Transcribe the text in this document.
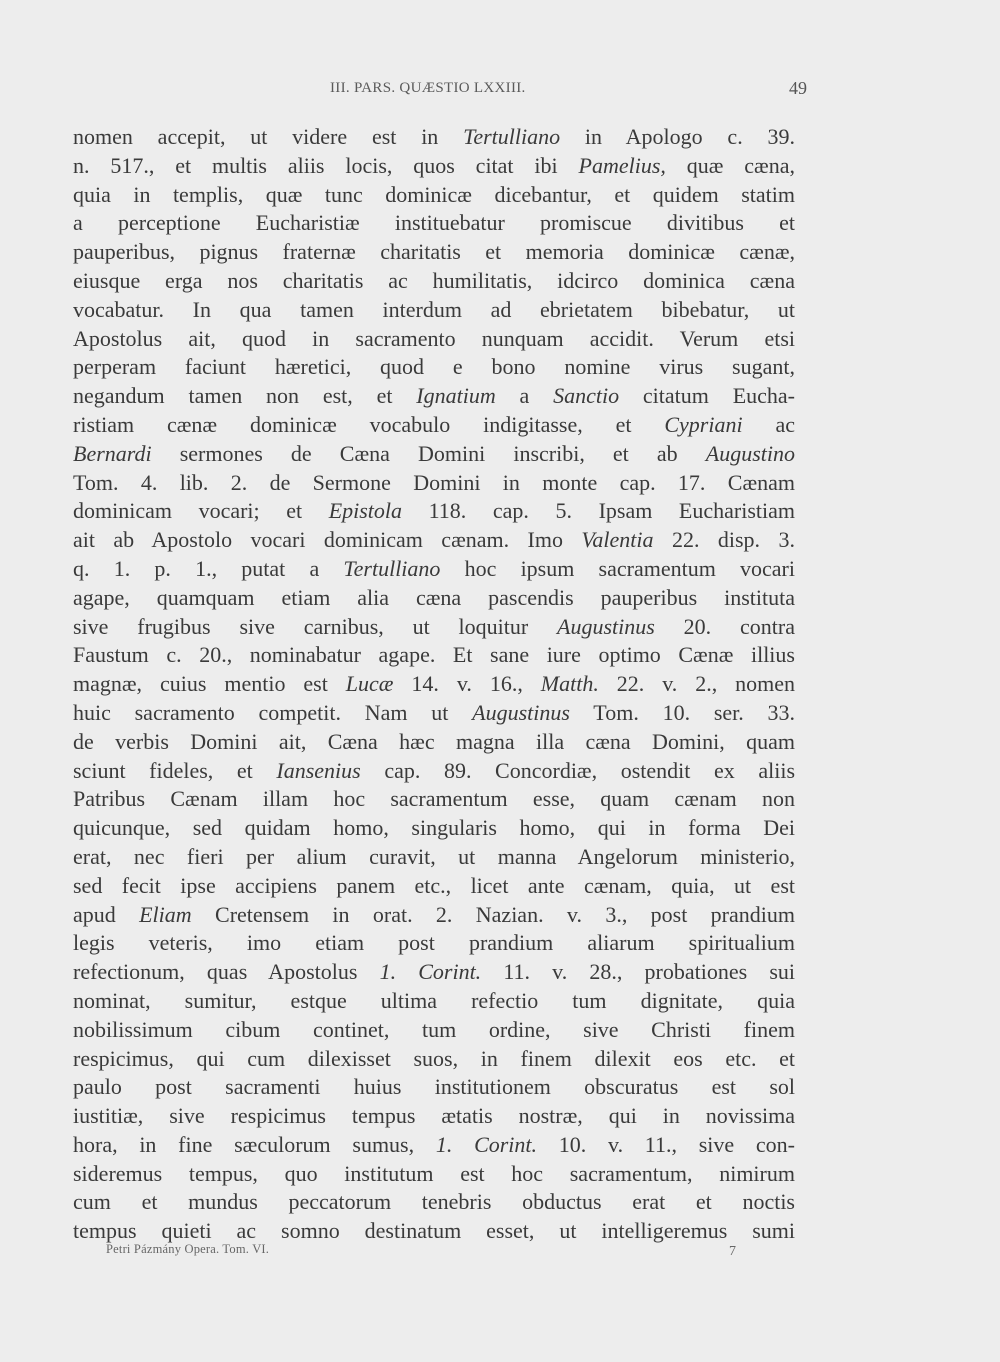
III. PARS. QUÆSTIO LXXIII.	49
nomen accepit, ut videre est in Tertulliano in Apologo c. 39.
n. 517., et multis aliis locis, quos citat ibi Pamelius, quæ cæna,
quia in templis, quæ tunc dominicæ dicebantur, et quidem statim
a perceptione Eucharistiæ instituebatur promiscue divitibus et
pauperibus, pignus fraternæ charitatis et memoria dominicæ cænæ,
eiusque erga nos charitatis ac humilitatis, idcirco dominica cæna
vocabatur. In qua tamen interdum ad ebrietatem bibebatur, ut
Apostolus ait, quod in sacramento nunquam accidit. Verum etsi
perperam faciunt hæretici, quod e bono nomine virus sugant,
negandum tamen non est, et Ignatium a Sanctio citatum Eucha-
ristiam cænæ dominicæ vocabulo indigitasse, et Cypriani ac
Bernardi sermones de Cæna Domini inscribi, et ab Augustino
Tom. 4. lib. 2. de Sermone Domini in monte cap. 17. Cænam
dominicam vocari; et Epistola 118. cap. 5. Ipsam Eucharistiam
ait ab Apostolo vocari dominicam cænam. Imo Valentia 22. disp. 3.
q. 1. p. 1., putat a Tertulliano hoc ipsum sacramentum vocari
agape, quamquam etiam alia cæna pascendis pauperibus instituta
sive frugibus sive carnibus, ut loquitur Augustinus 20. contra
Faustum c. 20., nominabatur agape. Et sane iure optimo Cænæ illius
magnæ, cuius mentio est Lucæ 14. v. 16., Matth. 22. v. 2., nomen
huic sacramento competit. Nam ut Augustinus Tom. 10. ser. 33.
de verbis Domini ait, Cæna hæc magna illa cæna Domini, quam
sciunt fideles, et Iansenius cap. 89. Concordiæ, ostendit ex aliis
Patribus Cænam illam hoc sacramentum esse, quam cænam non
quicunque, sed quidam homo, singularis homo, qui in forma Dei
erat, nec fieri per alium curavit, ut manna Angelorum ministerio,
sed fecit ipse accipiens panem etc., licet ante cænam, quia, ut est
apud Eliam Cretensem in orat. 2. Nazian. v. 3., post prandium
legis veteris, imo etiam post prandium aliarum spiritualium
refectionum, quas Apostolus 1. Corint. 11. v. 28., probationes sui
nominat, sumitur, estque ultima refectio tum dignitate, quia
nobilissimum cibum continet, tum ordine, sive Christi finem
respicimus, qui cum dilexisset suos, in finem dilexit eos etc. et
paulo post sacramenti huius institutionem obscuratus est sol
iustitiæ, sive respicimus tempus ætatis nostræ, qui in novissima
hora, in fine sæculorum sumus, 1. Corint. 10. v. 11., sive con-
sideremus tempus, quo institutum est hoc sacramentum, nimirum
cum et mundus peccatorum tenebris obductus erat et noctis
tempus quieti ac somno destinatum esset, ut intelligeremus sumi
Petri Pázmány Opera. Tom. VI.	7
